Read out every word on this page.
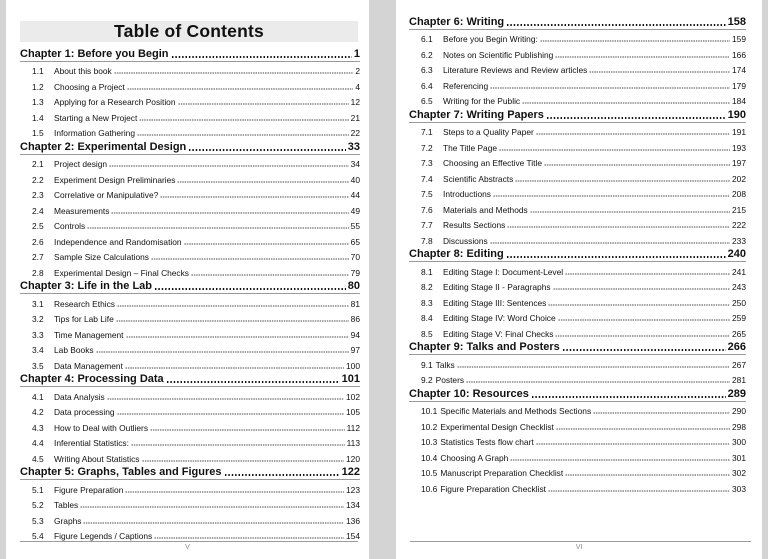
Table of Contents
Chapter 1: Before you Begin	1
1.1	About this book	2
1.2	Choosing a Project	4
1.3	Applying for a Research Position	12
1.4	Starting a New Project	21
1.5	Information Gathering	22
Chapter 2: Experimental Design	33
2.1	Project design	34
2.2	Experiment Design Preliminaries	40
2.3	Correlative or Manipulative?	44
2.4	Measurements	49
2.5	Controls	55
2.6	Independence and Randomisation	65
2.7	Sample Size Calculations	70
2.8	Experimental Design – Final Checks	79
Chapter 3: Life in the Lab	80
3.1	Research Ethics	81
3.2	Tips for Lab Life	86
3.3	Time Management	94
3.4	Lab Books	97
3.5	Data Management	100
Chapter 4: Processing Data	101
4.1	Data Analysis	102
4.2	Data processing	105
4.3	How to Deal with Outliers	112
4.4	Inferential Statistics:	113
4.5	Writing About Statistics	120
Chapter 5: Graphs, Tables and Figures	122
5.1	Figure Preparation	123
5.2	Tables	134
5.3	Graphs	136
5.4	Figure Legends / Captions	154
V
Chapter 6: Writing	158
6.1	Before you Begin Writing:	159
6.2	Notes on Scientific Publishing	166
6.3	Literature Reviews and Review articles	174
6.4	Referencing	179
6.5	Writing for the Public	184
Chapter 7: Writing Papers	190
7.1	Steps to a Quality Paper	191
7.2	The Title Page	193
7.3	Choosing an Effective Title	197
7.4	Scientific Abstracts	202
7.5	Introductions	208
7.6	Materials and Methods	215
7.7	Results Sections	222
7.8	Discussions	233
Chapter 8: Editing	240
8.1	Editing Stage I: Document-Level	241
8.2	Editing Stage II - Paragraphs	243
8.3	Editing Stage III: Sentences	250
8.4	Editing Stage IV: Word Choice	259
8.5	Editing Stage V: Final Checks	265
Chapter 9: Talks and Posters	266
9.1 Talks	267
9.2 Posters	281
Chapter 10: Resources	289
10.1 Specific Materials and Methods Sections	290
10.2 Experimental Design Checklist	298
10.3 Statistics Tests flow chart	300
10.4 Choosing A Graph	301
10.5 Manuscript Preparation Checklist	302
10.6 Figure Preparation Checklist	303
VI
